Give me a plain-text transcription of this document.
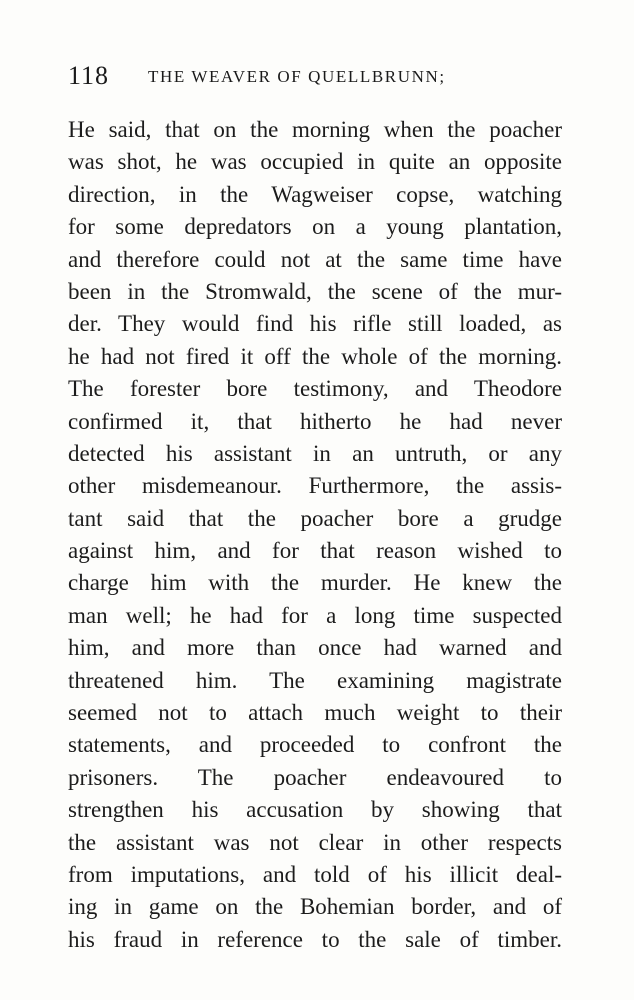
118 THE WEAVER OF QUELLBRUNN;
He said, that on the morning when the poacher
was shot, he was occupied in quite an opposite
direction, in the Wagweiser copse, watching
for some depredators on a young plantation,
and therefore could not at the same time have
been in the Stromwald, the scene of the mur-
der. They would find his rifle still loaded, as
he had not fired it off the whole of the morning.
The forester bore testimony, and Theodore
confirmed it, that hitherto he had never
detected his assistant in an untruth, or any
other misdemeanour. Furthermore, the assis-
tant said that the poacher bore a grudge
against him, and for that reason wished to
charge him with the murder. He knew the
man well; he had for a long time suspected
him, and more than once had warned and
threatened him. The examining magistrate
seemed not to attach much weight to their
statements, and proceeded to confront the
prisoners. The poacher endeavoured to
strengthen his accusation by showing that
the assistant was not clear in other respects
from imputations, and told of his illicit deal-
ing in game on the Bohemian border, and of
his fraud in reference to the sale of timber.
